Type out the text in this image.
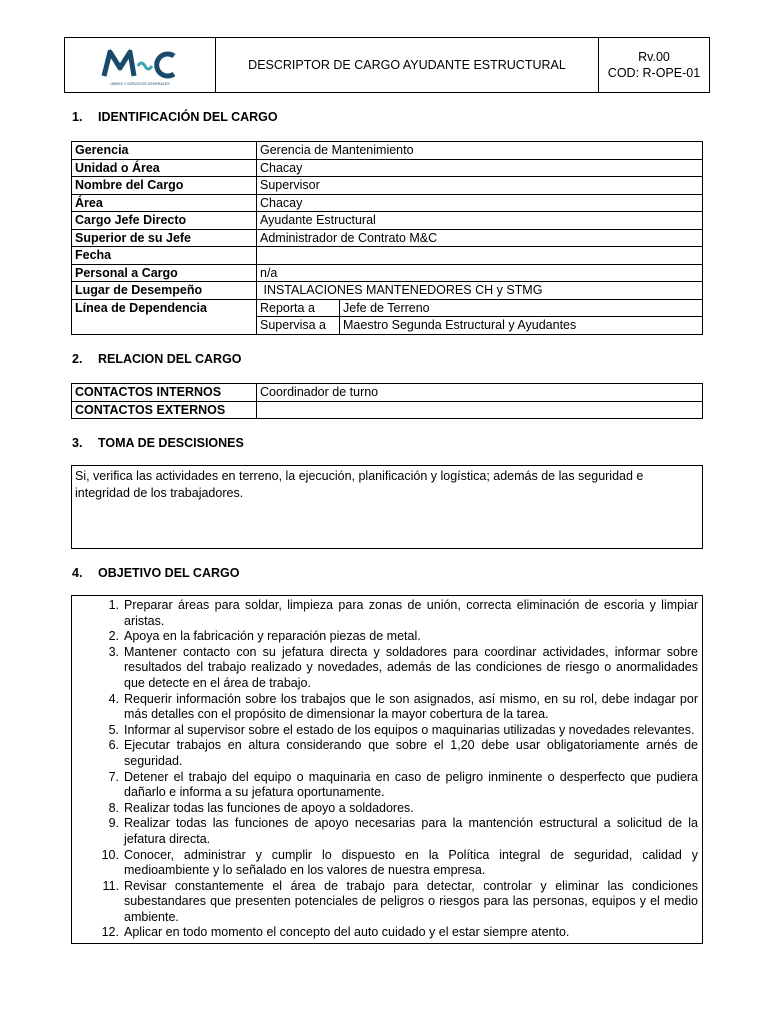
OBRAS Y SERVICIOS GENERALES
DESCRIPTOR DE CARGO AYUDANTE ESTRUCTURAL
Rv.00
COD: R-OPE-01
1. IDENTIFICACIÓN DEL CARGO
Gerencia	Gerencia de Mantenimiento	
Unidad o Área	Chacay	
Nombre del Cargo	Supervisor	
Área	Chacay	
Cargo Jefe Directo	Ayudante Estructural	
Superior de su Jefe	Administrador de Contrato M&C	
Fecha		
Personal a Cargo	n/a	
Lugar de Desempeño	INSTALACIONES MANTENEDORES CH y STMG	
Línea de Dependencia	Reporta a	Jefe de Terreno
	Supervisa a	Maestro Segunda Estructural y Ayudantes
2. RELACION DEL CARGO
CONTACTOS INTERNOS	Coordinador de turno
CONTACTOS EXTERNOS	
3. TOMA DE DESCISIONES
Si, verifica las actividades en terreno, la ejecución, planificación y logística; además de las seguridad e integridad de los trabajadores.
4. OBJETIVO DEL CARGO
1. Preparar áreas para soldar, limpieza para zonas de unión, correcta eliminación de escoria y limpiar aristas.
2. Apoya en la fabricación y reparación piezas de metal.
3. Mantener contacto con su jefatura directa y soldadores para coordinar actividades, informar sobre resultados del trabajo realizado y novedades, además de las condiciones de riesgo o anormalidades que detecte en el área de trabajo.
4. Requerir información sobre los trabajos que le son asignados, así mismo, en su rol, debe indagar por más detalles con el propósito de dimensionar la mayor cobertura de la tarea.
5. Informar al supervisor sobre el estado de los equipos o maquinarias utilizadas y novedades relevantes.
6. Ejecutar trabajos en altura considerando que sobre el 1,20 debe usar obligatoriamente arnés de seguridad.
7. Detener el trabajo del equipo o maquinaria en caso de peligro inminente o desperfecto que pudiera dañarlo e informa a su jefatura oportunamente.
8. Realizar todas las funciones de apoyo a soldadores.
9. Realizar todas las funciones de apoyo necesarias para la mantención estructural a solicitud de la jefatura directa.
10. Conocer, administrar y cumplir lo dispuesto en la Política integral de seguridad, calidad y medioambiente y lo señalado en los valores de nuestra empresa.
11. Revisar constantemente el área de trabajo para detectar, controlar y eliminar las condiciones subestandares que presenten potenciales de peligros o riesgos para las personas, equipos y el medio ambiente.
12. Aplicar en todo momento el concepto del auto cuidado y el estar siempre atento.
